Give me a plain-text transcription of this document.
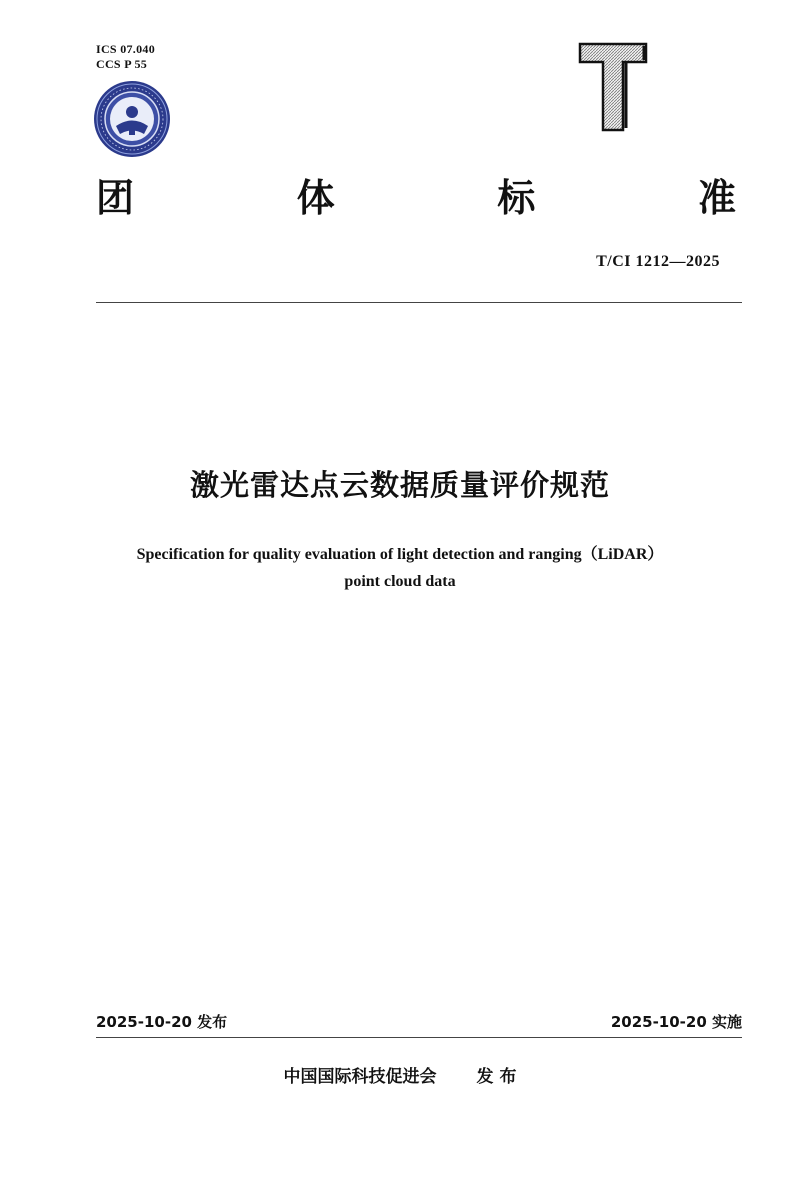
ICS 07.040
CCS P 55
团	体	标	准
T/CI 1212—2025
激光雷达点云数据质量评价规范
Specification for quality evaluation of light detection and ranging（LiDAR）
point cloud data
2025-10-20 发布	2025-10-20 实施
中国国际科技促进会 发 布
